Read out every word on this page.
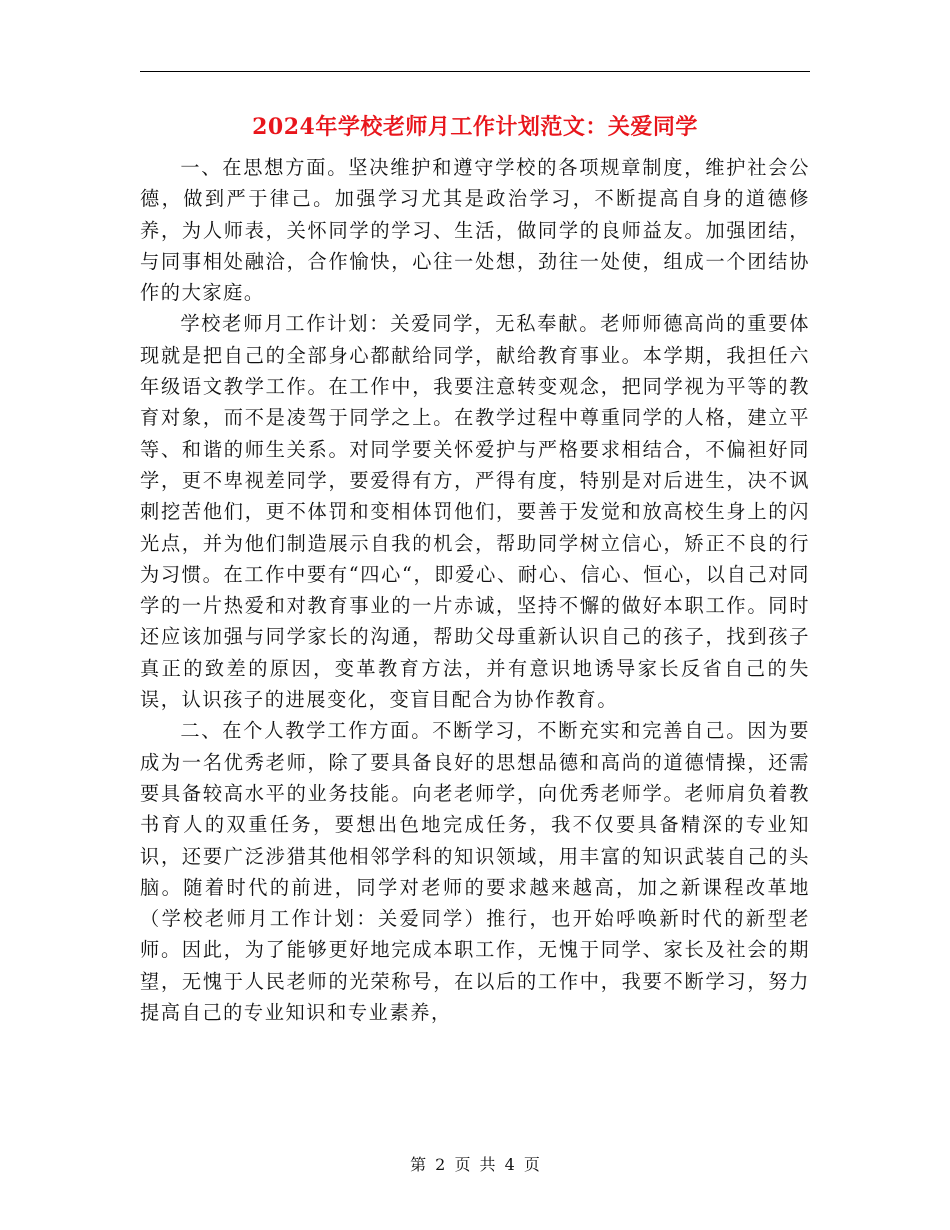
2024年学校老师月工作计划范文：关爱同学

一、在思想方面。坚决维护和遵守学校的各项规章制度，维护社会公德，做到严于律己。加强学习尤其是政治学习，不断提高自身的道德修养，为人师表，关怀同学的学习、生活，做同学的良师益友。加强团结，与同事相处融洽，合作愉快，心往一处想，劲往一处使，组成一个团结协作的大家庭。

学校老师月工作计划：关爱同学，无私奉献。老师师德高尚的重要体现就是把自己的全部身心都献给同学，献给教育事业。本学期，我担任六年级语文教学工作。在工作中，我要注意转变观念，把同学视为平等的教育对象，而不是凌驾于同学之上。在教学过程中尊重同学的人格，建立平等、和谐的师生关系。对同学要关怀爱护与严格要求相结合，不偏袒好同学，更不卑视差同学，要爱得有方，严得有度，特别是对后进生，决不讽刺挖苦他们，更不体罚和变相体罚他们，要善于发觉和放高校生身上的闪光点，并为他们制造展示自我的机会，帮助同学树立信心，矫正不良的行为习惯。在工作中要有“四心“，即爱心、耐心、信心、恒心，以自己对同学的一片热爱和对教育事业的一片赤诚，坚持不懈的做好本职工作。同时还应该加强与同学家长的沟通，帮助父母重新认识自己的孩子，找到孩子真正的致差的原因，变革教育方法，并有意识地诱导家长反省自己的失误，认识孩子的进展变化，变盲目配合为协作教育。

二、在个人教学工作方面。不断学习，不断充实和完善自己。因为要成为一名优秀老师，除了要具备良好的思想品德和高尚的道德情操，还需要具备较高水平的业务技能。向老老师学，向优秀老师学。老师肩负着教书育人的双重任务，要想出色地完成任务，我不仅要具备精深的专业知识，还要广泛涉猎其他相邻学科的知识领域，用丰富的知识武装自己的头脑。随着时代的前进，同学对老师的要求越来越高，加之新课程改革地（学校老师月工作计划：关爱同学）推行，也开始呼唤新时代的新型老师。因此，为了能够更好地完成本职工作，无愧于同学、家长及社会的期望，无愧于人民老师的光荣称号，在以后的工作中，我要不断学习，努力提高自己的专业知识和专业素养，

第 2 页 共 4 页
